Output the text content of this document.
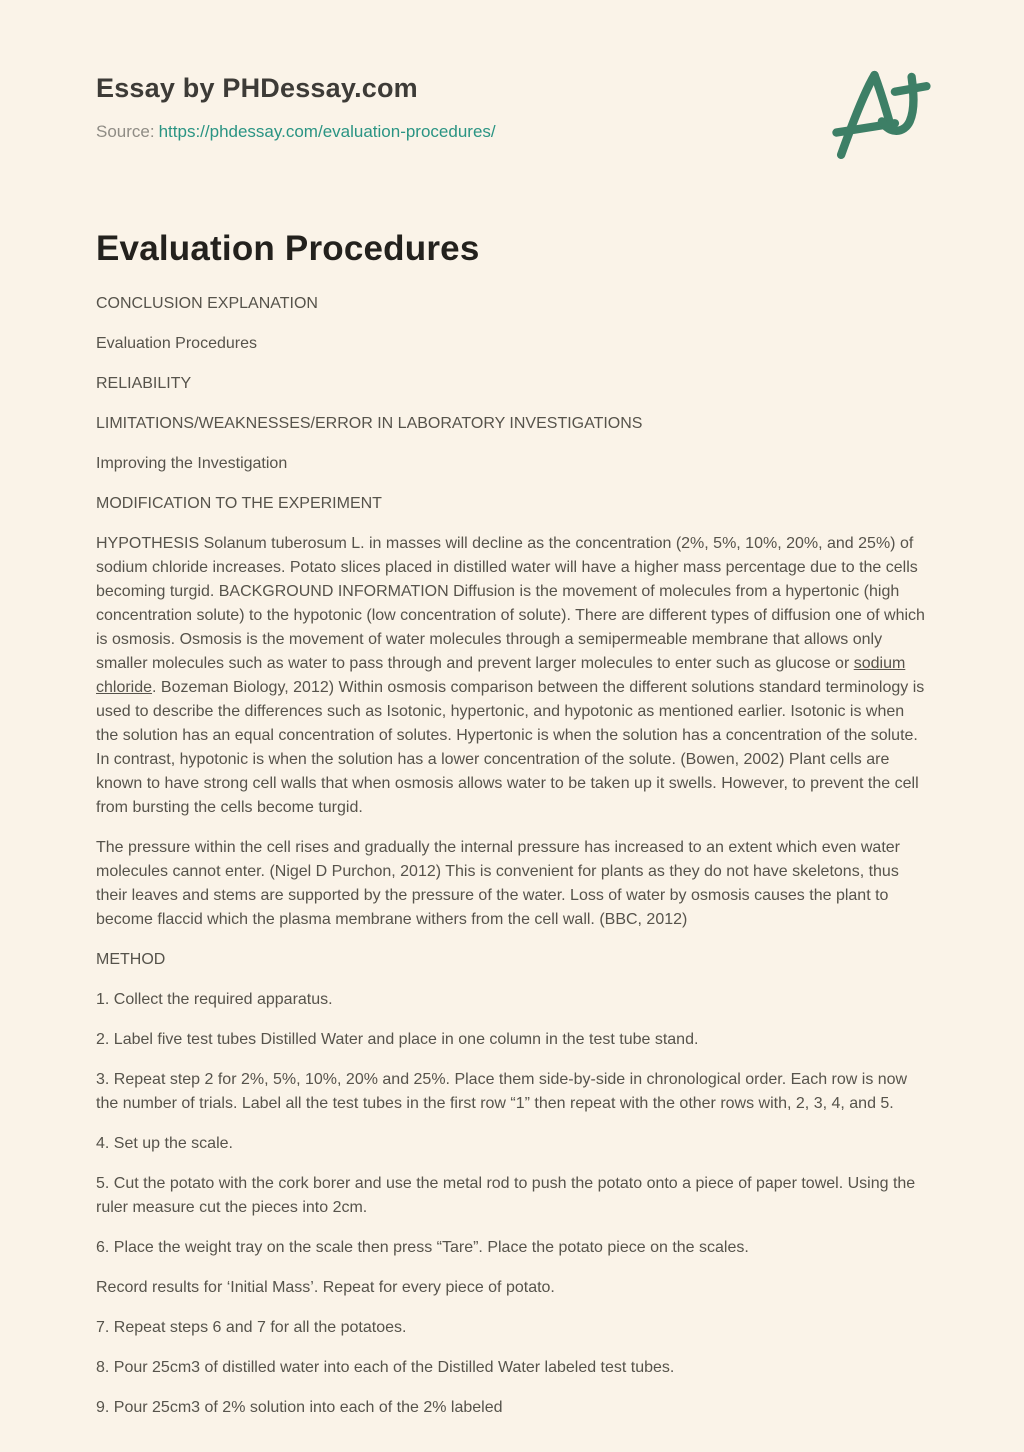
Essay by PHDessay.com
Source: https://phdessay.com/evaluation-procedures/
Evaluation Procedures
CONCLUSION EXPLANATION
Evaluation Procedures
RELIABILITY
LIMITATIONS/WEAKNESSES/ERROR IN LABORATORY INVESTIGATIONS
Improving the Investigation
MODIFICATION TO THE EXPERIMENT

HYPOTHESIS Solanum tuberosum L. in masses will decline as the concentration (2%, 5%, 10%, 20%, and 25%) of sodium chloride increases. Potato slices placed in distilled water will have a higher mass percentage due to the cells becoming turgid. BACKGROUND INFORMATION Diffusion is the movement of molecules from a hypertonic (high concentration solute) to the hypotonic (low concentration of solute). There are different types of diffusion one of which is osmosis. Osmosis is the movement of water molecules through a semipermeable membrane that allows only smaller molecules such as water to pass through and prevent larger molecules to enter such as glucose or sodium chloride. Bozeman Biology, 2012) Within osmosis comparison between the different solutions standard terminology is used to describe the differences such as Isotonic, hypertonic, and hypotonic as mentioned earlier. Isotonic is when the solution has an equal concentration of solutes. Hypertonic is when the solution has a concentration of the solute. In contrast, hypotonic is when the solution has a lower concentration of the solute. (Bowen, 2002) Plant cells are known to have strong cell walls that when osmosis allows water to be taken up it swells. However, to prevent the cell from bursting the cells become turgid.

The pressure within the cell rises and gradually the internal pressure has increased to an extent which even water molecules cannot enter. (Nigel D Purchon, 2012) This is convenient for plants as they do not have skeletons, thus their leaves and stems are supported by the pressure of the water. Loss of water by osmosis causes the plant to become flaccid which the plasma membrane withers from the cell wall. (BBC, 2012)

METHOD

1. Collect the required apparatus.

2. Label five test tubes Distilled Water and place in one column in the test tube stand.

3. Repeat step 2 for 2%, 5%, 10%, 20% and 25%. Place them side-by-side in chronological order. Each row is now the number of trials. Label all the test tubes in the first row “1” then repeat with the other rows with, 2, 3, 4, and 5.

4. Set up the scale.

5. Cut the potato with the cork borer and use the metal rod to push the potato onto a piece of paper towel. Using the ruler measure cut the pieces into 2cm.

6. Place the weight tray on the scale then press “Tare”. Place the potato piece on the scales.

Record results for ‘Initial Mass’. Repeat for every piece of potato.

7. Repeat steps 6 and 7 for all the potatoes.

8. Pour 25cm3 of distilled water into each of the Distilled Water labeled test tubes.

9. Pour 25cm3 of 2% solution into each of the 2% labeled
